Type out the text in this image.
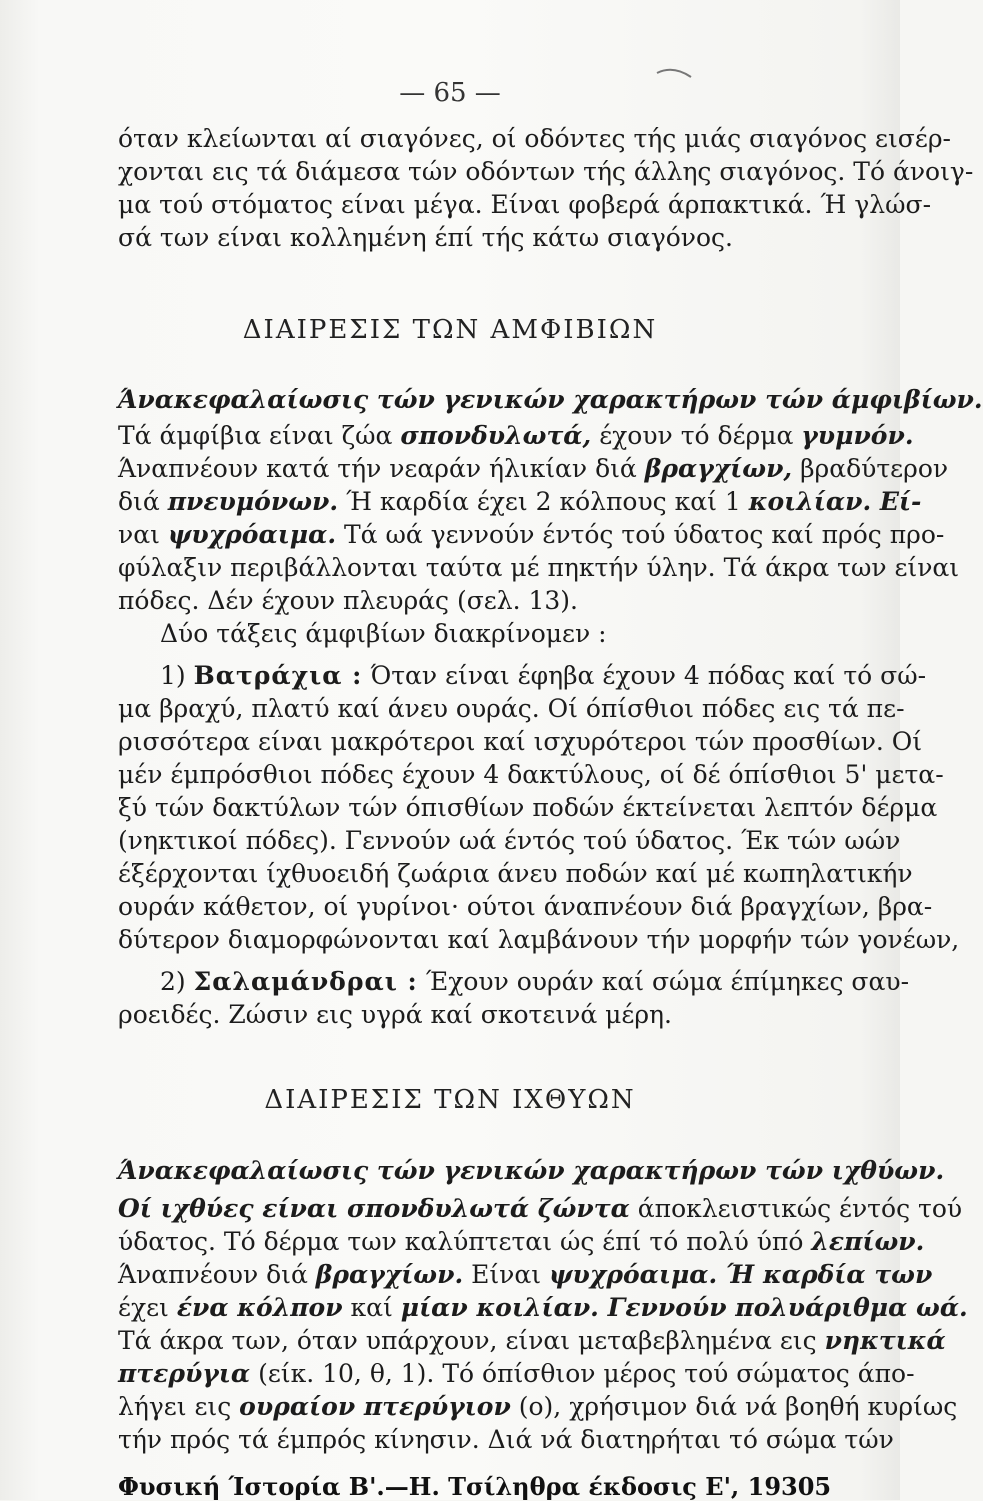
— 65 —
όταν κλείωνται αί σιαγόνες, οί οδόντες τής μιάς σιαγόνος εισέρ-
χονται εις τά διάμεσα τών οδόντων τής άλλης σιαγόνος. Τό άνοιγ-
μα τού στόματος είναι μέγα. Είναι φοβερά άρπακτικά. Ή γλώσ-
σά των είναι κολλημένη έπί τής κάτω σιαγόνος.
ΔΙΑΙΡΕΣΙΣ ΤΩΝ ΑΜΦΙΒΙΩΝ
Άνακεφαλαίωσις τών γενικών χαρακτήρων τών άμφιβίων.
Τά άμφίβια είναι ζώα σπονδυλωτά, έχουν τό δέρμα γυμνόν.
Άναπνέουν κατά τήν νεαράν ήλικίαν διά βραγχίων, βραδύτερον
διά πνευμόνων. Ή καρδία έχει 2 κόλπους καί 1 κοιλίαν. Εί-
ναι ψυχρόαιμα. Τά ωά γεννούν έντός τού ύδατος καί πρός προ-
φύλαξιν περιβάλλονται ταύτα μέ πηκτήν ύλην. Τά άκρα των είναι
πόδες. Δέν έχουν πλευράς (σελ. 13).
Δύο τάξεις άμφιβίων διακρίνομεν :
1) Βατράχια : Όταν είναι έφηβα έχουν 4 πόδας καί τό σώ-
μα βραχύ, πλατύ καί άνευ ουράς. Οί όπίσθιοι πόδες εις τά πε-
ρισσότερα είναι μακρότεροι καί ισχυρότεροι τών προσθίων. Οί
μέν έμπρόσθιοι πόδες έχουν 4 δακτύλους, οί δέ όπίσθιοι 5' μετα-
ξύ τών δακτύλων τών όπισθίων ποδών έκτείνεται λεπτόν δέρμα
(νηκτικοί πόδες). Γεννούν ωά έντός τού ύδατος. Έκ τών ωών
έξέρχονται ίχθυοειδή ζωάρια άνευ ποδών καί μέ κωπηλατικήν
ουράν κάθετον, οί γυρίνοι· ούτοι άναπνέουν διά βραγχίων, βρα-
δύτερον διαμορφώνονται καί λαμβάνουν τήν μορφήν τών γονέων,
2) Σαλαμάνδραι : Έχουν ουράν καί σώμα έπίμηκες σαυ-
ροειδές. Ζώσιν εις υγρά καί σκοτεινά μέρη.
ΔΙΑΙΡΕΣΙΣ ΤΩΝ ΙΧΘΥΩΝ
Άνακεφαλαίωσις τών γενικών χαρακτήρων τών ιχθύων.
Οί ιχθύες είναι σπονδυλωτά ζώντα άποκλειστικώς έντός τού
ύδατος. Τό δέρμα των καλύπτεται ώς έπί τό πολύ ύπό λεπίων.
Άναπνέουν διά βραγχίων. Είναι ψυχρόαιμα. Ή καρδία των
έχει ένα κόλπον καί μίαν κοιλίαν. Γεννούν πολυάριθμα ωά.
Τά άκρα των, όταν υπάρχουν, είναι μεταβεβλημένα εις νηκτικά
πτερύγια (είκ. 10, θ, 1). Τό όπίσθιον μέρος τού σώματος άπο-
λήγει εις ουραίον πτερύγιον (ο), χρήσιμον διά νά βοηθή κυρίως
τήν πρός τά έμπρός κίνησιν. Διά νά διατηρήται τό σώμα τών
Φυσική Ίστορία Β'.—Η. Τσίληθρα έκδοσις Ε', 1930 5
